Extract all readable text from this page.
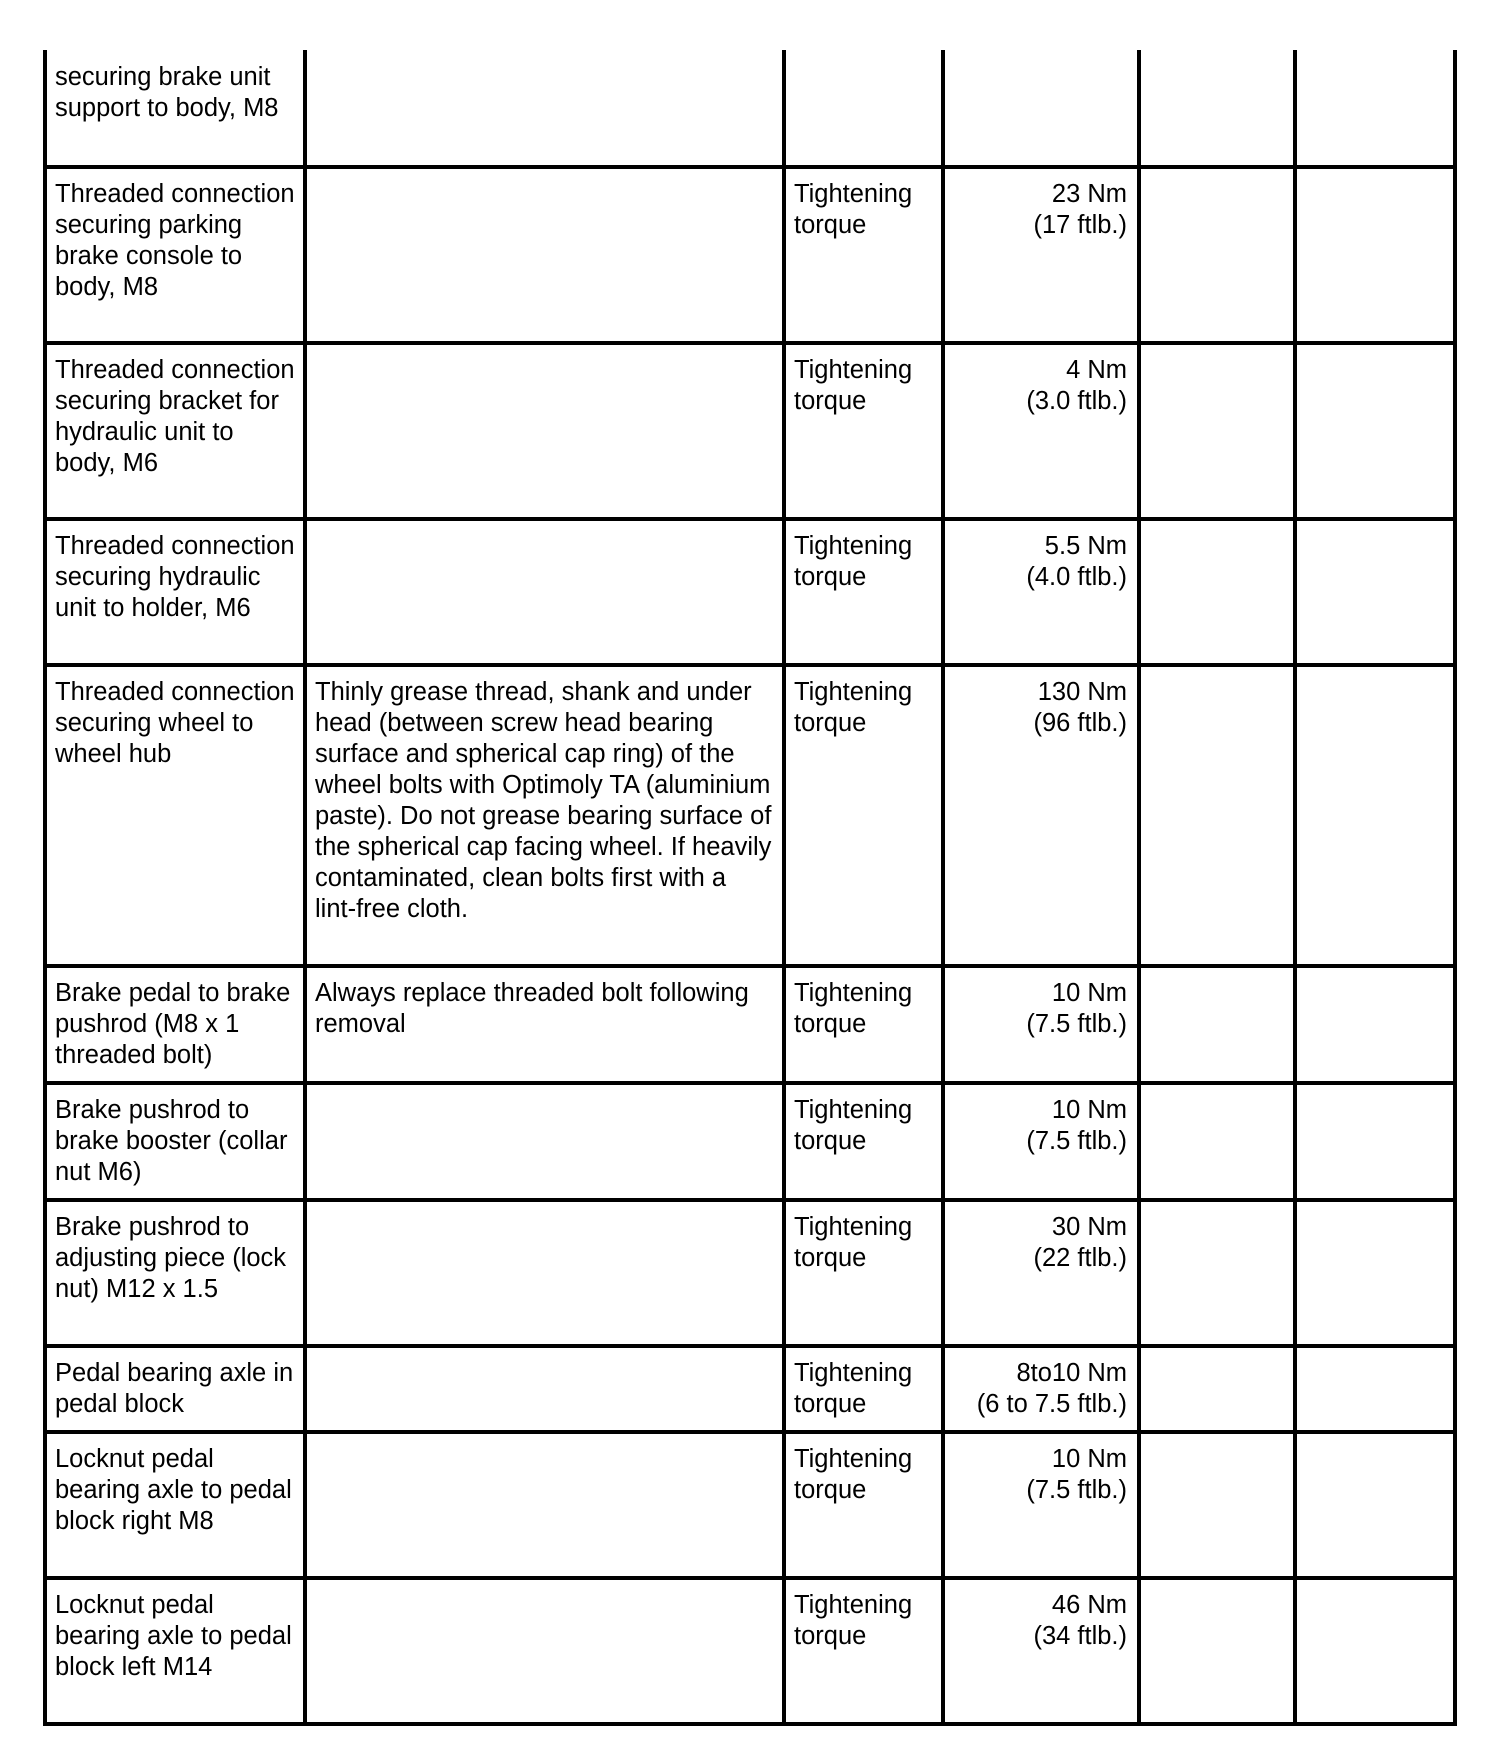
securing brake unit support to body, M8			

Threaded connection securing parking brake console to body, M8		Tightening torque	23 Nm
(17 ftlb.)		

Threaded connection securing bracket for hydraulic unit to body, M6		Tightening torque	4 Nm
(3.0 ftlb.)		

Threaded connection securing hydraulic unit to holder, M6		Tightening torque	5.5 Nm
(4.0 ftlb.)		

Threaded connection securing wheel to wheel hub	Thinly grease thread, shank and under head (between screw head bearing surface and spherical cap ring) of the wheel bolts with Optimoly TA (aluminium paste). Do not grease bearing surface of the spherical cap facing wheel. If heavily contaminated, clean bolts first with a lint-free cloth.	Tightening torque	130 Nm
(96 ftlb.)		

Brake pedal to brake pushrod (M8 x 1 threaded bolt)	Always replace threaded bolt following removal	Tightening torque	10 Nm
(7.5 ftlb.)		

Brake pushrod to brake booster (collar nut M6)		Tightening torque	10 Nm
(7.5 ftlb.)		

Brake pushrod to adjusting piece (lock nut) M12 x 1.5		Tightening torque	30 Nm
(22 ftlb.)		

Pedal bearing axle in pedal block		Tightening torque	8to10 Nm
(6 to 7.5 ftlb.)		

Locknut pedal bearing axle to pedal block right M8		Tightening torque	10 Nm
(7.5 ftlb.)		

Locknut pedal bearing axle to pedal block left M14		Tightening torque	46 Nm
(34 ftlb.)		
